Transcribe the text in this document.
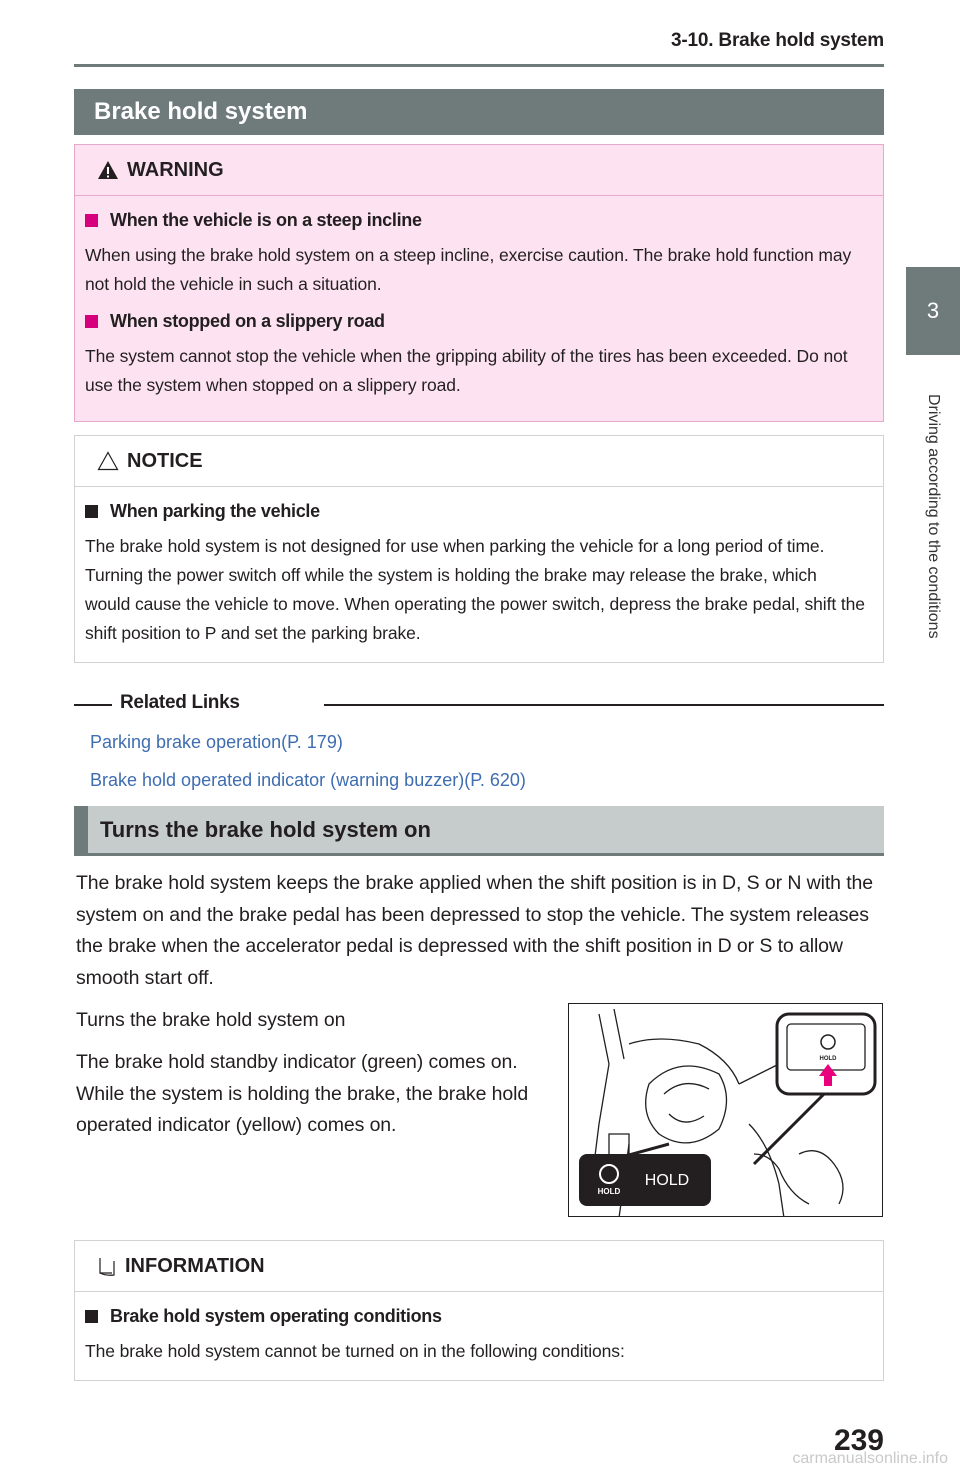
3-10. Brake hold system
3
Driving according to the conditions
Brake hold system
WARNING
When the vehicle is on a steep incline
When using the brake hold system on a steep incline, exercise caution. The brake hold function may not hold the vehicle in such a situation.
When stopped on a slippery road
The system cannot stop the vehicle when the gripping ability of the tires has been exceeded. Do not use the system when stopped on a slippery road.
NOTICE
When parking the vehicle
The brake hold system is not designed for use when parking the vehicle for a long period of time. Turning the power switch off while the system is holding the brake may release the brake, which would cause the vehicle to move. When operating the power switch, depress the brake pedal, shift the shift position to P and set the parking brake.
Related Links
Parking brake operation(P. 179)
Brake hold operated indicator (warning buzzer)(P. 620)
Turns the brake hold system on
The brake hold system keeps the brake applied when the shift position is in D, S or N with the system on and the brake pedal has been depressed to stop the vehicle. The system releases the brake when the accelerator pedal is depressed with the shift position in D or S to allow smooth start off.
Turns the brake hold system on
The brake hold standby indicator (green) comes on. While the system is holding the brake, the brake hold operated indicator (yellow) comes on.
HOLD
HOLD
HOLD
INFORMATION
Brake hold system operating conditions
The brake hold system cannot be turned on in the following conditions:
239
carmanualsonline.info
